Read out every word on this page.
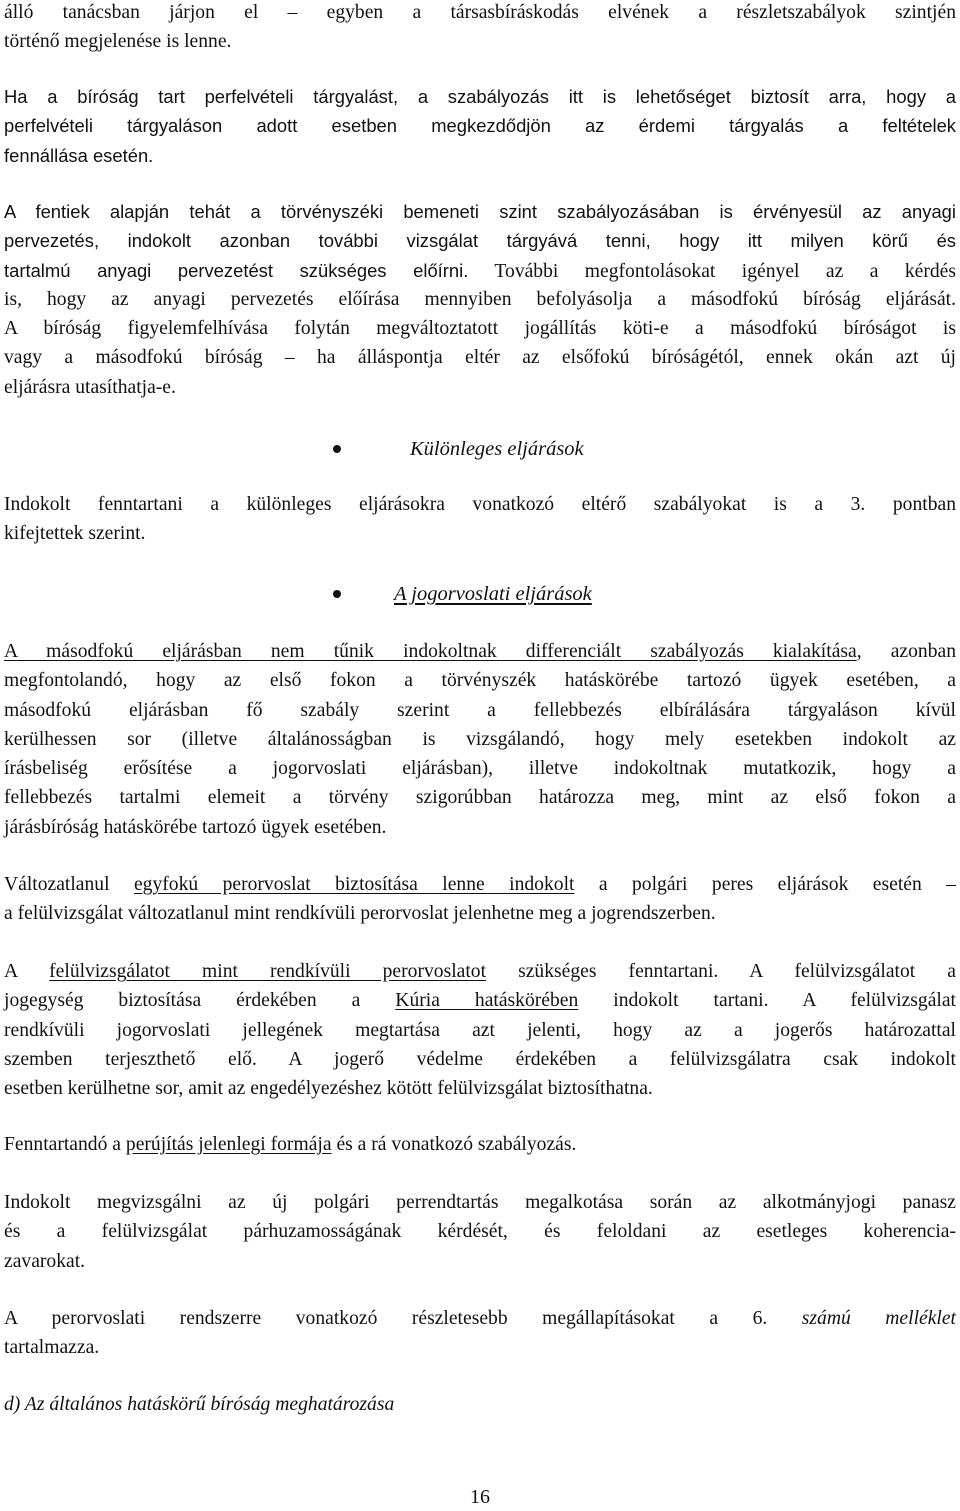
álló tanácsban járjon el – egyben a társasbíráskodás elvének a részletszabályok szintjén
történő megjelenése is lenne.
Ha a bíróság tart perfelvételi tárgyalást, a szabályozás itt is lehetőséget biztosít arra, hogy a
perfelvételi tárgyaláson adott esetben megkezdődjön az érdemi tárgyalás a feltételek
fennállása esetén.
A fentiek alapján tehát a törvényszéki bemeneti szint szabályozásában is érvényesül az anyagi
pervezetés, indokolt azonban további vizsgálat tárgyává tenni, hogy itt milyen körű és
tartalmú anyagi pervezetést szükséges előírni. További megfontolásokat igényel az a kérdés
is, hogy az anyagi pervezetés előírása mennyiben befolyásolja a másodfokú bíróság eljárását.
A bíróság figyelemfelhívása folytán megváltoztatott jogállítás köti-e a másodfokú bíróságot is
vagy a másodfokú bíróság – ha álláspontja eltér az elsőfokú bíróságétól, ennek okán azt új
eljárásra utasíthatja-e.
Különleges eljárások
Indokolt fenntartani a különleges eljárásokra vonatkozó eltérő szabályokat is a 3. pontban
kifejtettek szerint.
A jogorvoslati eljárások
A másodfokú eljárásban nem tűnik indokoltnak differenciált szabályozás kialakítása, azonban
megfontolandó, hogy az első fokon a törvényszék hatáskörébe tartozó ügyek esetében, a
másodfokú eljárásban fő szabály szerint a fellebbezés elbírálására tárgyaláson kívül
kerülhessen sor (illetve általánosságban is vizsgálandó, hogy mely esetekben indokolt az
írásbeliség erősítése a jogorvoslati eljárásban), illetve indokoltnak mutatkozik, hogy a
fellebbezés tartalmi elemeit a törvény szigorúbban határozza meg, mint az első fokon a
járásbíróság hatáskörébe tartozó ügyek esetében.
Változatlanul egyfokú perorvoslat biztosítása lenne indokolt a polgári peres eljárások esetén –
a felülvizsgálat változatlanul mint rendkívüli perorvoslat jelenhetne meg a jogrendszerben.
A felülvizsgálatot mint rendkívüli perorvoslatot szükséges fenntartani. A felülvizsgálatot a
jogegység biztosítása érdekében a Kúria hatáskörében indokolt tartani. A felülvizsgálat
rendkívüli jogorvoslati jellegének megtartása azt jelenti, hogy az a jogerős határozattal
szemben terjeszthető elő. A jogerő védelme érdekében a felülvizsgálatra csak indokolt
esetben kerülhetne sor, amit az engedélyezéshez kötött felülvizsgálat biztosíthatna.
Fenntartandó a perújítás jelenlegi formája és a rá vonatkozó szabályozás.
Indokolt megvizsgálni az új polgári perrendtartás megalkotása során az alkotmányjogi panasz
és a felülvizsgálat párhuzamosságának kérdését, és feloldani az esetleges koherencia-
zavarokat.
A perorvoslati rendszerre vonatkozó részletesebb megállapításokat a 6. számú melléklet
tartalmazza.
d) Az általános hatáskörű bíróság meghatározása
16
